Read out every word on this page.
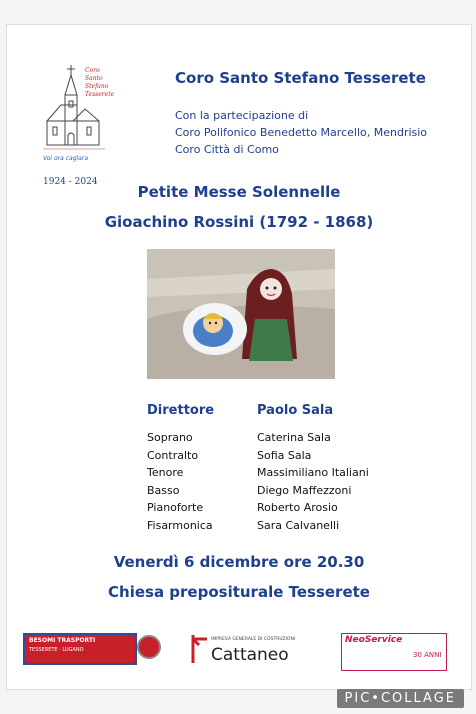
Coro
Santo
Stefano
Tesserete
Voi ora caglara
1924 - 2024
Coro Santo Stefano Tesserete
Con la partecipazione di
Coro Polifonico Benedetto Marcello, Mendrisio
Coro Città di Como
Petite Messe Solennelle
Gioachino Rossini (1792 - 1868)
Direttore	Paolo Sala
Soprano	Caterina Sala
Contralto	Sofia Sala
Tenore	Massimiliano Italiani
Basso	Diego Maffezzoni
Pianoforte	Roberto Arosio
Fisarmonica	Sara Calvanelli
Venerdì 6 dicembre ore 20.30
Chiesa prepositurale Tesserete
BESOMI TRASPORTI
TESSERETE · LUGANO
IMPRESA GENERALE DI COSTRUZIONI
Cattaneo
NeoService
30 ANNI
PIC•COLLAGE
